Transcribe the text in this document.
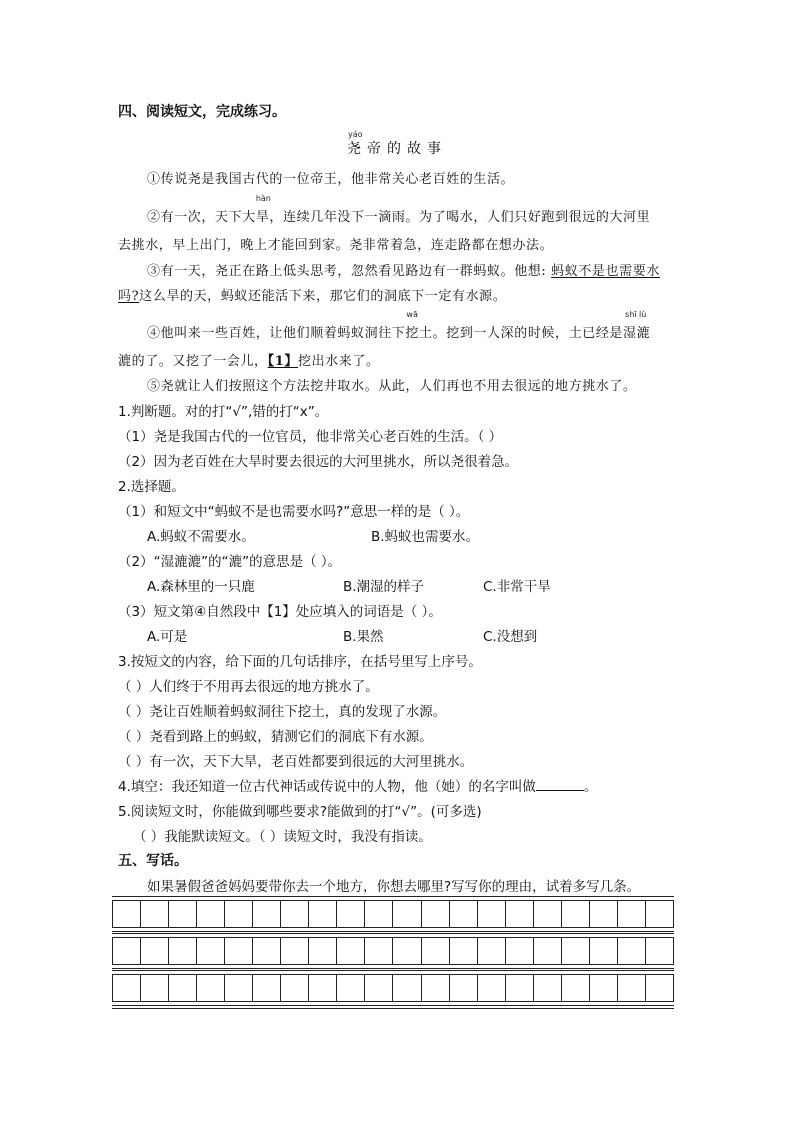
四、阅读短文，完成练习。
yáo
尧帝的故事
①传说尧是我国古代的一位帝王，他非常关心老百姓的生活。
②有一次，天下大
hàn
旱，连续几年没下一滴雨。为了喝水，人们只好跑到很远的大河里
去挑水，早上出门，晚上才能回到家。尧非常着急，连走路都在想办法。
③有一天，尧正在路上低头思考，忽然看见路边有一群蚂蚁。他想: 蚂蚁不是也需要水
吗?这么旱的天，蚂蚁还能活下来，那它们的洞底下一定有水源。
④他叫来一些百姓，让他们顺着蚂蚁洞往下
wā
挖土。挖到一人深的时候，土已经是
shī lù
湿漉
漉的了。又挖了一会儿，【1】挖出水来了。
⑤尧就让人们按照这个方法挖井取水。从此，人们再也不用去很远的地方挑水了。
1.判断题。对的打“√”,错的打“x”。
（1）尧是我国古代的一位官员，他非常关心老百姓的生活。（ ）
（2）因为老百姓在大旱时要去很远的大河里挑水，所以尧很着急。
2.选择题。
（1）和短文中“蚂蚁不是也需要水吗?”意思一样的是（ ）。
A.蚂蚁不需要水。	B.蚂蚁也需要水。
（2）“湿漉漉”的“漉”的意思是（ ）。
A.森林里的一只鹿	B.潮湿的样子	C.非常干旱
（3）短文第④自然段中【1】处应填入的词语是（ ）。
A.可是	B.果然	C.没想到
3.按短文的内容，给下面的几句话排序，在括号里写上序号。
（ ）人们终于不用再去很远的地方挑水了。
（ ）尧让百姓顺着蚂蚁洞往下挖土，真的发现了水源。
（ ）尧看到路上的蚂蚁，猜测它们的洞底下有水源。
（ ）有一次，天下大旱，老百姓都要到很远的大河里挑水。
4.填空：我还知道一位古代神话或传说中的人物，他（她）的名字叫做	。
5.阅读短文时，你能做到哪些要求?能做到的打“√”。(可多选)
（ ）我能默读短文。（ ）读短文时，我没有指读。
五、写话。
如果暑假爸爸妈妈要带你去一个地方，你想去哪里?写写你的理由，试着多写几条。
